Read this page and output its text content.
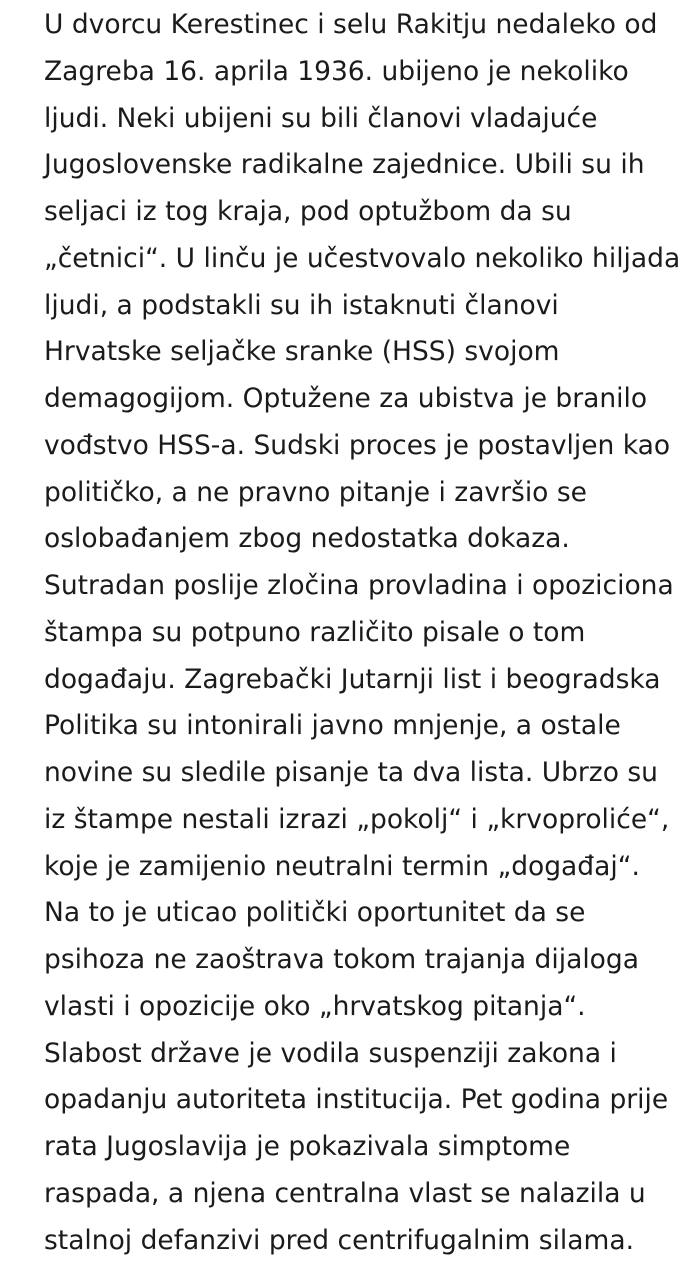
U dvorcu Kerestinec i selu Rakitju nedaleko od
Zagreba 16. aprila 1936. ubijeno je nekoliko
ljudi. Neki ubijeni su bili članovi vladajuće
Jugoslovenske radikalne zajednice. Ubili su ih
seljaci iz tog kraja, pod optužbom da su
„četnici“. U linču je učestvovalo nekoliko hiljada
ljudi, a podstakli su ih istaknuti članovi
Hrvatske seljačke sranke (HSS) svojom
demagogijom. Optužene za ubistva je branilo
vođstvo HSS-a. Sudski proces je postavljen kao
političko, a ne pravno pitanje i završio se
oslobađanjem zbog nedostatka dokaza.
Sutradan poslije zločina provladina i opoziciona
štampa su potpuno različito pisale o tom
događaju. Zagrebački Jutarnji list i beogradska
Politika su intonirali javno mnjenje, a ostale
novine su sledile pisanje ta dva lista. Ubrzo su
iz štampe nestali izrazi „pokolj“ i „krvoproliće“,
koje je zamijenio neutralni termin „događaj“.
Na to je uticao politički oportunitet da se
psihoza ne zaoštrava tokom trajanja dijaloga
vlasti i opozicije oko „hrvatskog pitanja“.
Slabost države je vodila suspenziji zakona i
opadanju autoriteta institucija. Pet godina prije
rata Jugoslavija je pokazivala simptome
raspada, a njena centralna vlast se nalazila u
stalnoj defanzivi pred centrifugalnim silama.
